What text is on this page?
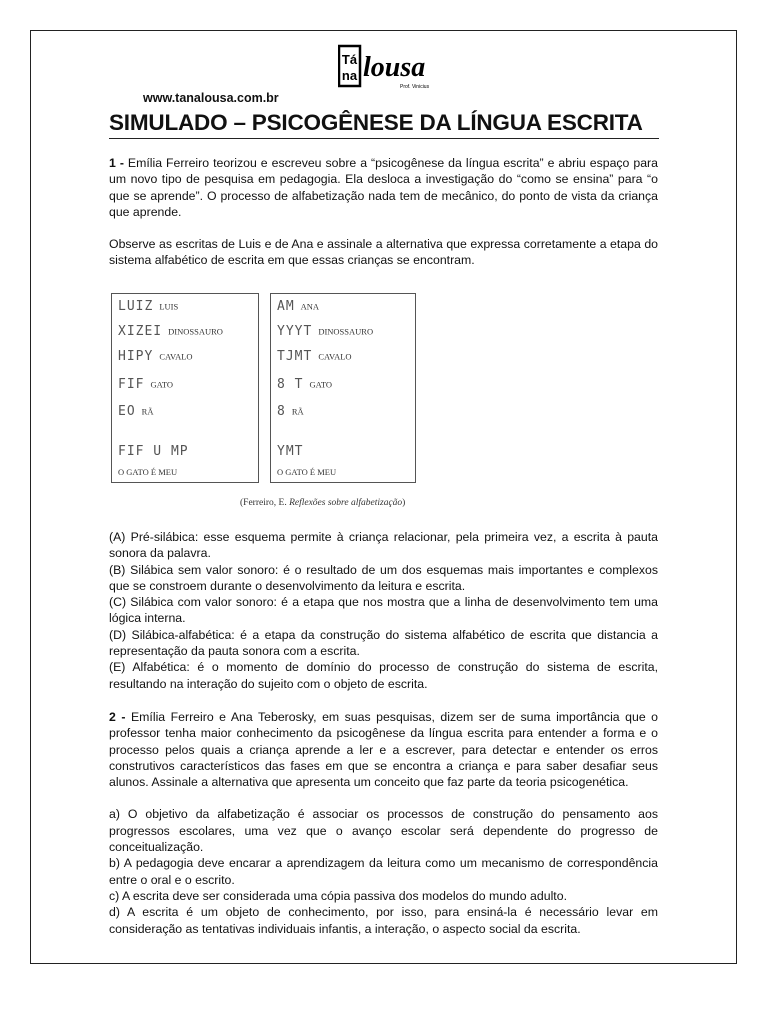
Tá
na lousa
Prof. Vinicius
www.tanalousa.com.br
SIMULADO – PSICOGÊNESE DA LÍNGUA ESCRITA

1 - Emília Ferreiro teorizou e escreveu sobre a “psicogênese da língua escrita” e abriu espaço para um novo tipo de pesquisa em pedagogia. Ela desloca a investigação do “como se ensina” para “o que se aprende”. O processo de alfabetização nada tem de mecânico, do ponto de vista da criança que aprende.

Observe as escritas de Luis e de Ana e assinale a alternativa que expressa corretamente a etapa do sistema alfabético de escrita em que essas crianças se encontram.

LUIZ LUIS
XIZEI DINOSSAURO
HIPY CAVALO
FIF GATO
EO RÃ
FIF U MP
O GATO É MEU
AM ANA
YYYT DINOSSAURO
TJMT CAVALO
8 T GATO
8 RÃ
YMT
O GATO É MEU
(Ferreiro, E. Reflexões sobre alfabetização)

(A) Pré-silábica: esse esquema permite à criança relacionar, pela primeira vez, a escrita à pauta sonora da palavra.

(B) Silábica sem valor sonoro: é o resultado de um dos esquemas mais importantes e complexos que se constroem durante o desenvolvimento da leitura e escrita.

(C) Silábica com valor sonoro: é a etapa que nos mostra que a linha de desenvolvimento tem uma lógica interna.

(D) Silábica-alfabética: é a etapa da construção do sistema alfabético de escrita que distancia a representação da pauta sonora com a escrita.

(E) Alfabética: é o momento de domínio do processo de construção do sistema de escrita, resultando na interação do sujeito com o objeto de escrita.

2 - Emília Ferreiro e Ana Teberosky, em suas pesquisas, dizem ser de suma importância que o professor tenha maior conhecimento da psicogênese da língua escrita para entender a forma e o processo pelos quais a criança aprende a ler e a escrever, para detectar e entender os erros construtivos característicos das fases em que se encontra a criança e para saber desafiar seus alunos. Assinale a alternativa que apresenta um conceito que faz parte da teoria psicogenética.

a) O objetivo da alfabetização é associar os processos de construção do pensamento aos progressos escolares, uma vez que o avanço escolar será dependente do progresso de conceitualização.

b) A pedagogia deve encarar a aprendizagem da leitura como um mecanismo de correspondência entre o oral e o escrito.

c) A escrita deve ser considerada uma cópia passiva dos modelos do mundo adulto.

d) A escrita é um objeto de conhecimento, por isso, para ensiná-la é necessário levar em consideração as tentativas individuais infantis, a interação, o aspecto social da escrita.
